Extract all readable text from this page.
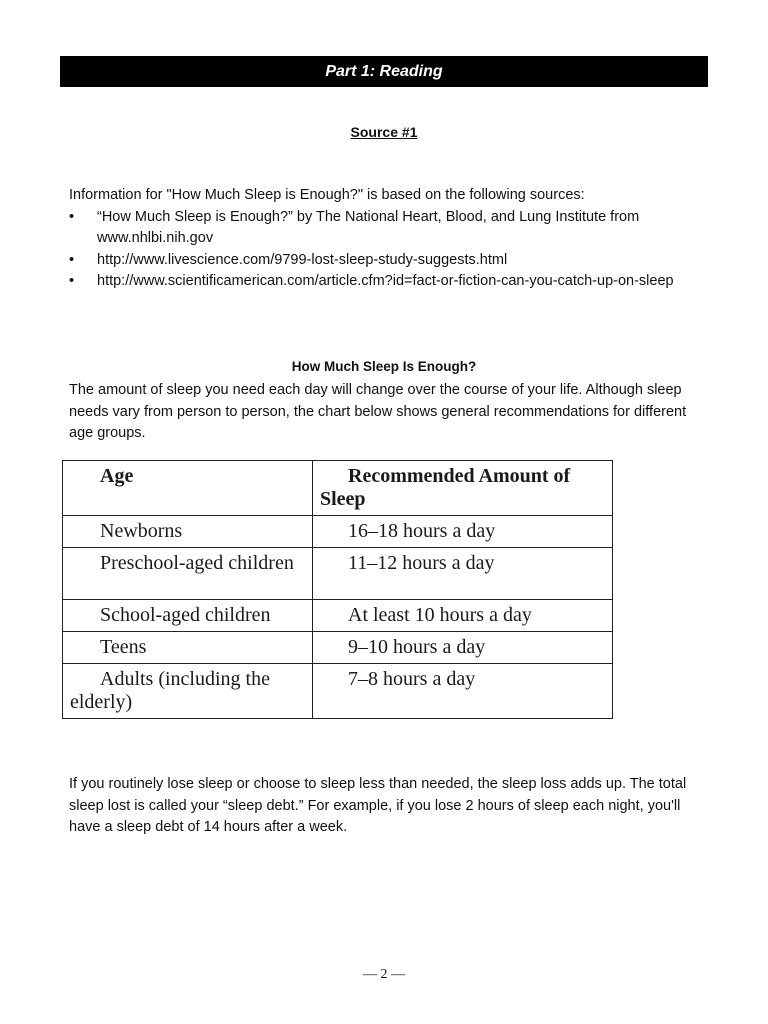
Part 1: Reading
Source #1
Information for "How Much Sleep is Enough?" is based on the following sources:
• “How Much Sleep is Enough?” by The National Heart, Blood, and Lung Institute from www.nhlbi.nih.gov
• http://www.livescience.com/9799-lost-sleep-study-suggests.html
• http://www.scientificamerican.com/article.cfm?id=fact-or-fiction-can-you-catch-up-on-sleep
How Much Sleep Is Enough?
The amount of sleep you need each day will change over the course of your life. Although sleep needs vary from person to person, the chart below shows general recommendations for different age groups.
Age	Recommended Amount of Sleep
Newborns	16–18 hours a day
Preschool-aged children	11–12 hours a day
School-aged children	At least 10 hours a day
Teens	9–10 hours a day
Adults (including the elderly)	7–8 hours a day
If you routinely lose sleep or choose to sleep less than needed, the sleep loss adds up. The total sleep lost is called your “sleep debt.” For example, if you lose 2 hours of sleep each night, you'll have a sleep debt of 14 hours after a week.
— 2 —
